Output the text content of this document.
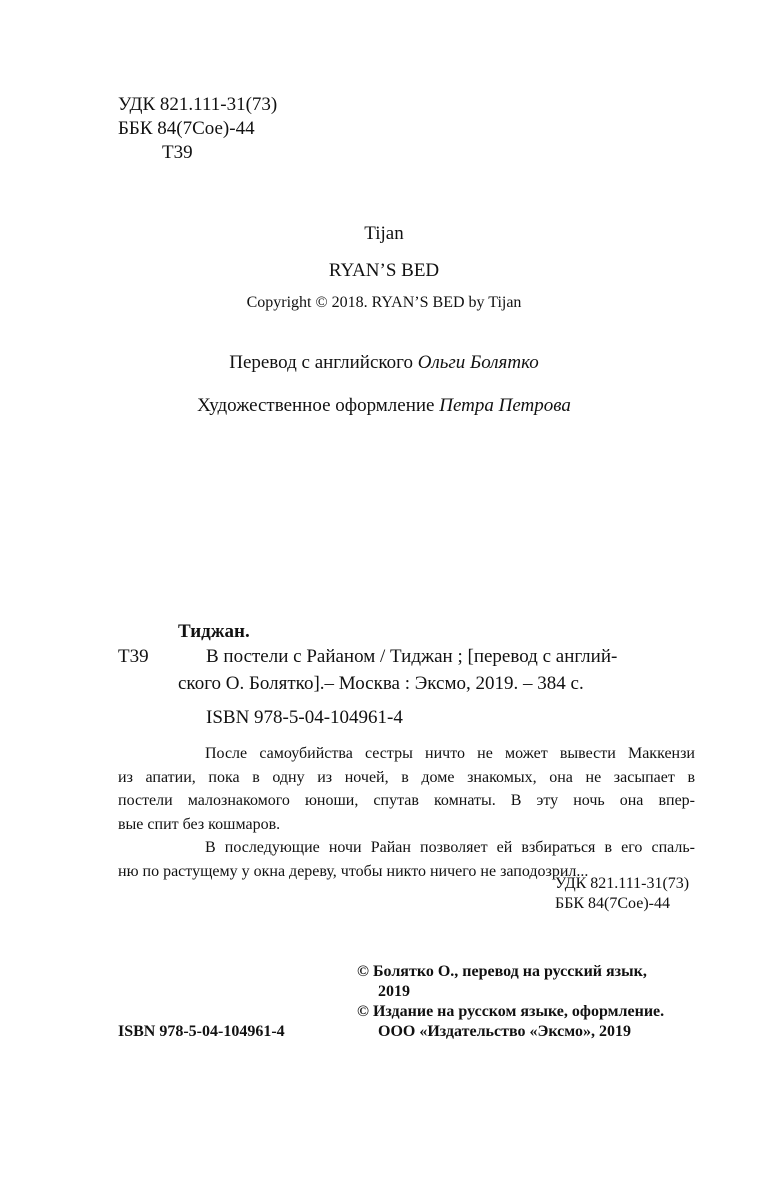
УДК 821.111-31(73)
ББК 84(7Сое)-44
Т39
Tijan
RYAN’S BED
Copyright © 2018. RYAN’S BED by Tijan
Перевод с английского Ольги Болятко
Художественное оформление Петра Петрова
Тиджан.
Т39	В постели с Райаном / Тиджан ; [перевод с англий-
ского О. Болятко].– Москва : Эксмо, 2019. – 384 с.
ISBN 978-5-04-104961-4

После самоубийства сестры ничто не может вывести Маккензи

из апатии, пока в одну из ночей, в доме знакомых, она не засыпает в

постели малознакомого юноши, спутав комнаты. В эту ночь она впер-

вые спит без кошмаров.

В последующие ночи Райан позволяет ей взбираться в его спаль-

ню по растущему у окна дереву, чтобы никто ничего не заподозрил...

УДК 821.111-31(73)
ББК 84(7Сое)-44
© Болятко О., перевод на русский язык,
2019
© Издание на русском языке, оформление.
ООО «Издательство «Эксмо», 2019
ISBN 978-5-04-104961-4
